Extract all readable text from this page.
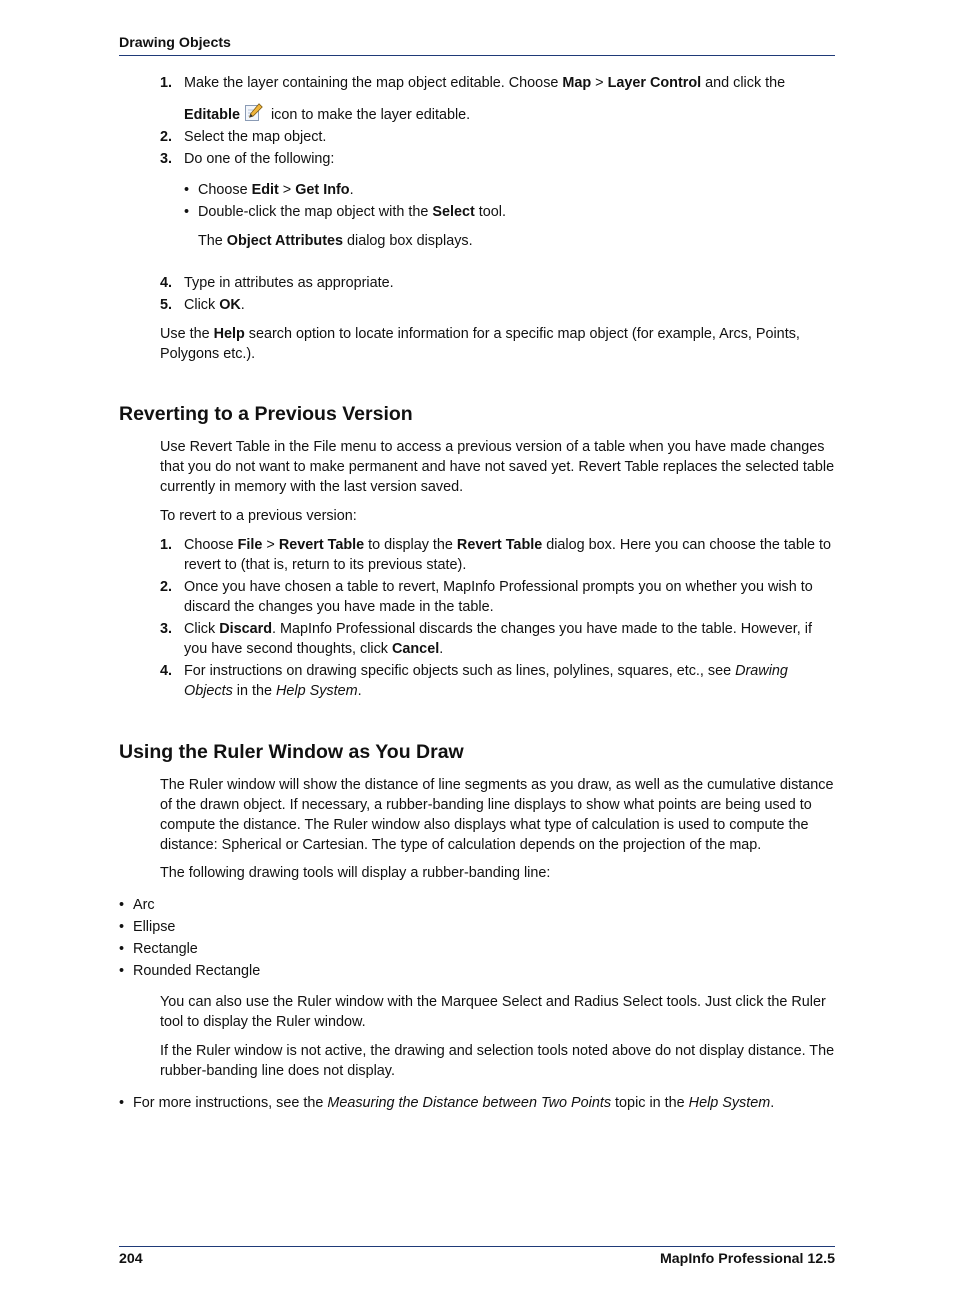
Drawing Objects
1. Make the layer containing the map object editable. Choose Map > Layer Control and click the
Editable
icon to make the layer editable.
2. Select the map object.
3. Do one of the following:
• Choose Edit > Get Info.
• Double-click the map object with the Select tool.

The Object Attributes dialog box displays.

4. Type in attributes as appropriate.
5. Click OK.

Use the Help search option to locate information for a specific map object (for example, Arcs, Points, Polygons etc.).

Reverting to a Previous Version

Use Revert Table in the File menu to access a previous version of a table when you have made changes that you do not want to make permanent and have not saved yet. Revert Table replaces the selected table currently in memory with the last version saved.

To revert to a previous version:

1. Choose File > Revert Table to display the Revert Table dialog box. Here you can choose the table to revert to (that is, return to its previous state).
2. Once you have chosen a table to revert, MapInfo Professional prompts you on whether you wish to discard the changes you have made in the table.
3. Click Discard. MapInfo Professional discards the changes you have made to the table. However, if you have second thoughts, click Cancel.
4. For instructions on drawing specific objects such as lines, polylines, squares, etc., see Drawing Objects in the Help System.
Using the Ruler Window as You Draw

The Ruler window will show the distance of line segments as you draw, as well as the cumulative distance of the drawn object. If necessary, a rubber-banding line displays to show what points are being used to compute the distance. The Ruler window also displays what type of calculation is used to compute the distance: Spherical or Cartesian. The type of calculation depends on the projection of the map.

The following drawing tools will display a rubber-banding line:

• Arc
• Ellipse
• Rectangle
• Rounded Rectangle

You can also use the Ruler window with the Marquee Select and Radius Select tools. Just click the Ruler tool to display the Ruler window.

If the Ruler window is not active, the drawing and selection tools noted above do not display distance. The rubber-banding line does not display.

• For more instructions, see the Measuring the Distance between Two Points topic in the Help System.
204	MapInfo Professional 12.5
